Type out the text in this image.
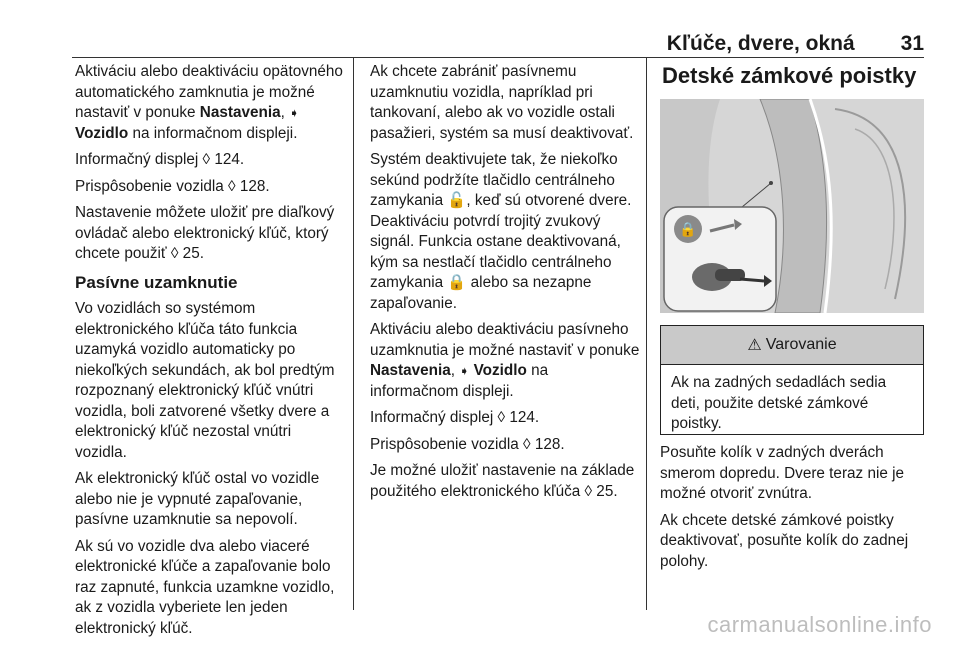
Kľúče, dvere, okná 31

Aktiváciu alebo deaktiváciu opätovného automatického zamknutia je možné nastaviť v ponuke Nastavenia, ➧ Vozidlo na informačnom displeji.

Informačný displej ◊ 124.

Prispôsobenie vozidla ◊ 128.

Nastavenie môžete uložiť pre diaľkový ovládač alebo elektronický kľúč, ktorý chcete použiť ◊ 25.

Pasívne uzamknutie

Vo vozidlách so systémom elektronického kľúča táto funkcia uzamyká vozidlo automaticky po niekoľkých sekundách, ak bol predtým rozpoznaný elektronický kľúč vnútri vozidla, boli zatvorené všetky dvere a elektronický kľúč nezostal vnútri vozidla.

Ak elektronický kľúč ostal vo vozidle alebo nie je vypnuté zapaľovanie, pasívne uzamknutie sa nepovolí.

Ak sú vo vozidle dva alebo viaceré elektronické kľúče a zapaľovanie bolo raz zapnuté, funkcia uzamkne vozidlo, ak z vozidla vyberiete len jeden elektronický kľúč.

Ak chcete zabrániť pasívnemu uzamknutiu vozidla, napríklad pri tankovaní, alebo ak vo vozidle ostali pasažieri, systém sa musí deaktivovať.

Systém deaktivujete tak, že niekoľko sekúnd podržíte tlačidlo centrálneho zamykania 🔓, keď sú otvorené dvere. Deaktiváciu potvrdí trojitý zvukový signál. Funkcia ostane deaktivovaná, kým sa nestlačí tlačidlo centrálneho zamykania 🔒 alebo sa nezapne zapaľovanie.

Aktiváciu alebo deaktiváciu pasívneho uzamknutia je možné nastaviť v ponuke Nastavenia, ➧ Vozidlo na informačnom displeji.

Informačný displej ◊ 124.

Prispôsobenie vozidla ◊ 128.

Je možné uložiť nastavenie na základe použitého elektronického kľúča ◊ 25.

Detské zámkové poistky
🔒
⚠ Varovanie
Ak na zadných sedadlách sedia deti, použite detské zámkové poistky.

Posuňte kolík v zadných dverách smerom dopredu. Dvere teraz nie je možné otvoriť zvnútra.

Ak chcete detské zámkové poistky deaktivovať, posuňte kolík do zadnej polohy.

carmanualsonline.info
